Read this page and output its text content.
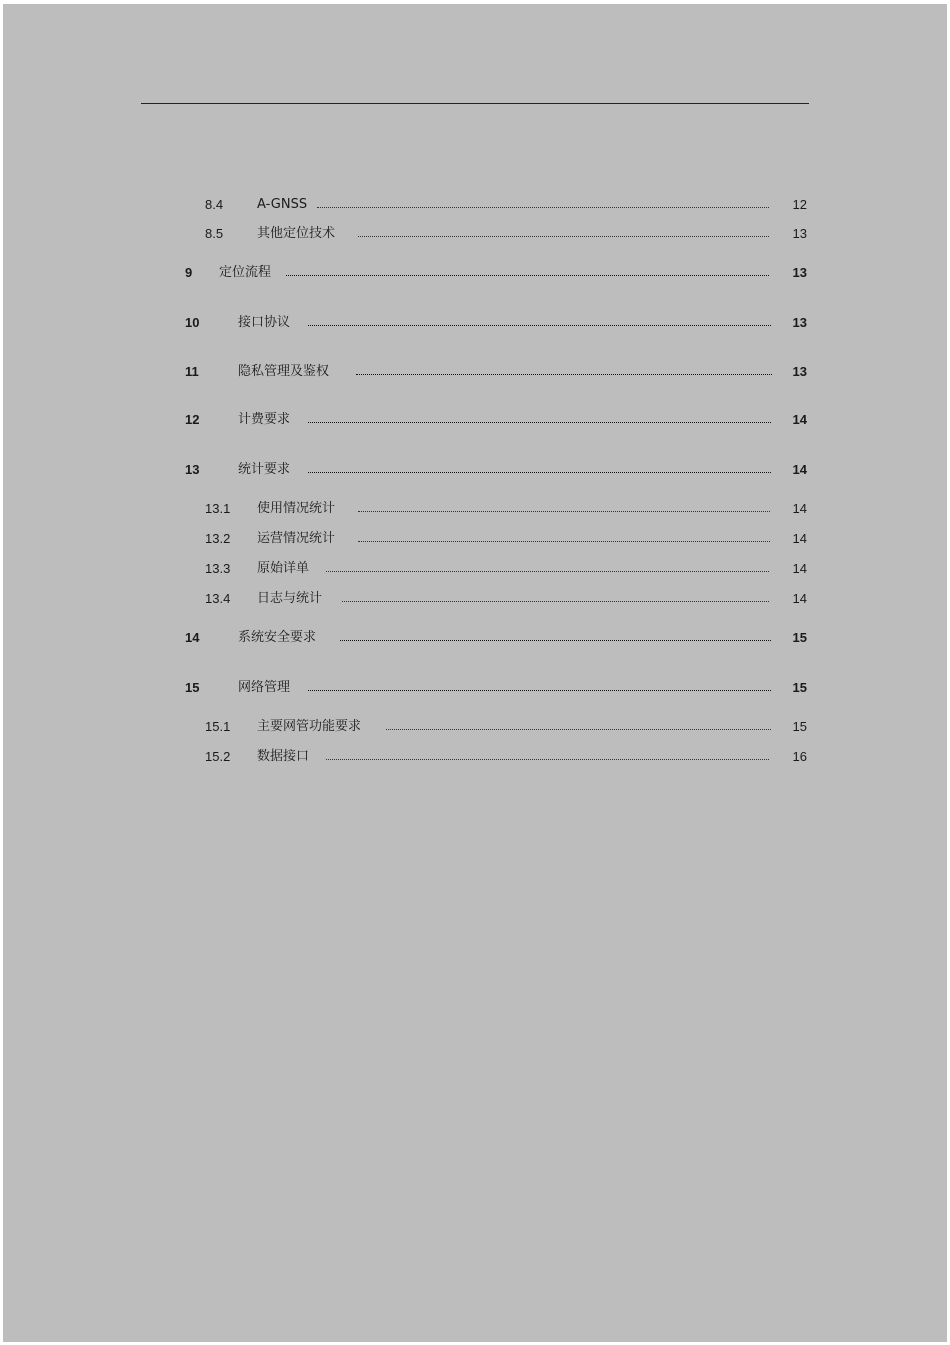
8.4	A-GNSS	12
8.5	其他定位技术	13
9 定位流程	13
10	接口协议	13
11	隐私管理及鉴权	13
12	计费要求	14
13	统计要求	14
13.1 使用情况统计	14
13.2 运营情况统计	14
13.3 原始详单	14
13.4 日志与统计	14
14	系统安全要求	15
15	网络管理	15
15.1 主要网管功能要求	15
15.2 数据接口	16
